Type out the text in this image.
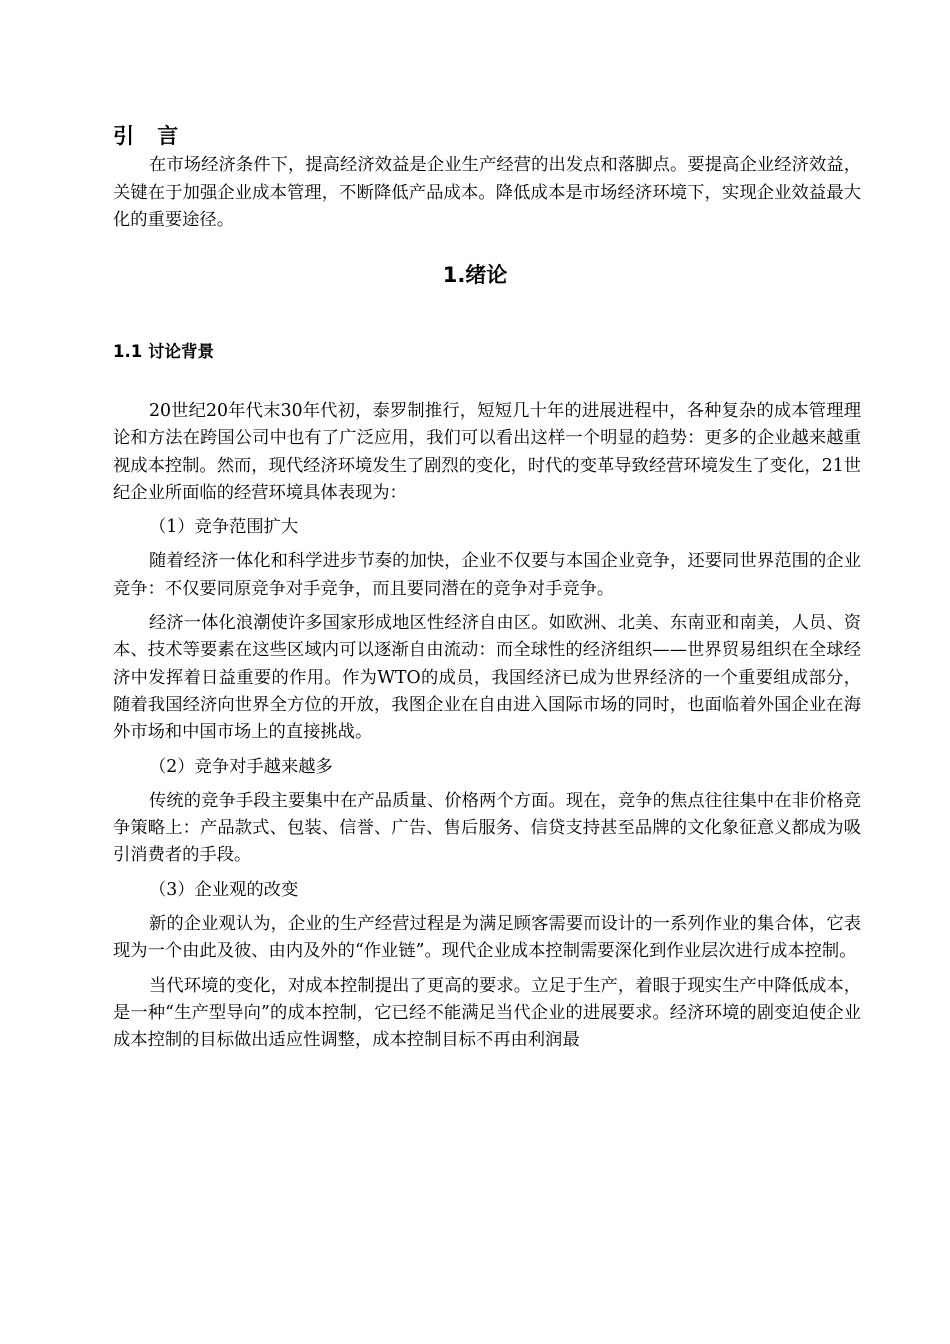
引 言

在市场经济条件下，提高经济效益是企业生产经营的出发点和落脚点。要提高企业经济效益，关键在于加强企业成本管理，不断降低产品成本。降低成本是市场经济环境下，实现企业效益最大化的重要途径。

1.绪论
1.1 讨论背景

20世纪20年代末30年代初，泰罗制推行，短短几十年的进展进程中，各种复杂的成本管理理论和方法在跨国公司中也有了广泛应用，我们可以看出这样一个明显的趋势：更多的企业越来越重视成本控制。然而，现代经济环境发生了剧烈的变化，时代的变革导致经营环境发生了变化，21世纪企业所面临的经营环境具体表现为：

（1）竞争范围扩大

随着经济一体化和科学进步节奏的加快，企业不仅要与本国企业竞争，还要同世界范围的企业竞争：不仅要同原竞争对手竞争，而且要同潜在的竞争对手竞争。

经济一体化浪潮使许多国家形成地区性经济自由区。如欧洲、北美、东南亚和南美，人员、资本、技术等要素在这些区域内可以逐渐自由流动：而全球性的经济组织——世界贸易组织在全球经济中发挥着日益重要的作用。作为WTO的成员，我国经济已成为世界经济的一个重要组成部分，随着我国经济向世界全方位的开放，我图企业在自由进入国际市场的同时，也面临着外国企业在海外市场和中国市场上的直接挑战。

（2）竞争对手越来越多

传统的竞争手段主要集中在产品质量、价格两个方面。现在，竞争的焦点往往集中在非价格竞争策略上：产品款式、包装、信誉、广告、售后服务、信贷支持甚至品牌的文化象征意义都成为吸引消费者的手段。

（3）企业观的改变

新的企业观认为，企业的生产经营过程是为满足顾客需要而设计的一系列作业的集合体，它表现为一个由此及彼、由内及外的“作业链”。现代企业成本控制需要深化到作业层次进行成本控制。

当代环境的变化，对成本控制提出了更高的要求。立足于生产，着眼于现实生产中降低成本，是一种“生产型导向”的成本控制，它已经不能满足当代企业的进展要求。经济环境的剧变迫使企业成本控制的目标做出适应性调整，成本控制目标不再由利润最
